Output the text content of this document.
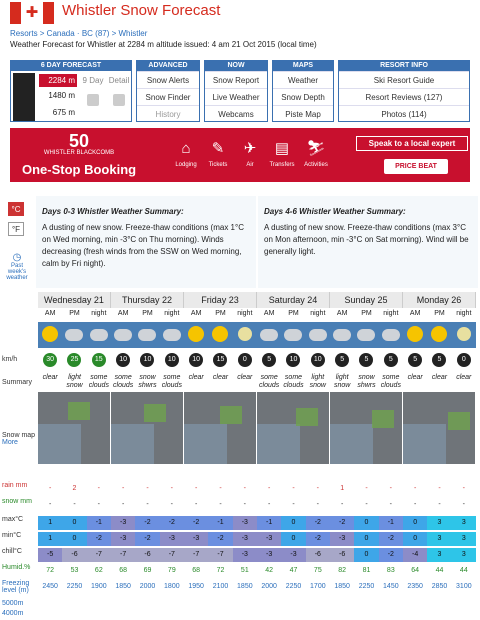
✚	Whistler Snow Forecast
Resorts > Canada · BC (87) > Whistler
Weather Forecast for Whistler at 2284 m altitude issued: 4 am 21 Oct 2015 (local time)
6 DAY FORECAST
2284 m
1480 m
675 m
9 Day Detail
ADVANCED
Snow Alerts
Snow Finder
History
NOW
Snow Report
Live Weather
Webcams
MAPS
Weather
Snow Depth
Piste Map
RESORT INFO
Ski Resort Guide
Resort Reviews (127)
Photos (114)
50
WHISTLER BLACKCOMB
One-Stop Booking
⌂
Lodging
✎
Tickets
✈
Air
▤
Transfers
⛷
Activities
Speak to a local expert
PRICE BEAT
°C
°F
◷
Past week's weather
Days 0-3 Whistler Weather Summary:
A dusting of new snow. Freeze-thaw conditions (max 1°C on Wed morning, min -3°C on Thu morning). Winds decreasing (fresh winds from the SSW on Wed morning, calm by Fri night).
Days 4-6 Whistler Weather Summary:
A dusting of new snow. Freeze-thaw conditions (max 3°C on Mon afternoon, min -3°C on Sat morning). Wind will be generally light.
km/h
Summary
Snow map
More
rain mm
snow mm
max°C
min°C
chill°C
Humid.%
Freezing level (m)
5000m
4000m
Wednesday 21
AM
30
clear
-
-
1
1
-5
72
2450
PM
25
light snow
2
-
0
0
-6
53
2250
night
15
some clouds
-
-
-1
-2
-7
62
1900
Thursday 22
AM
10
some clouds
-
-
-3
-3
-7
68
1850
PM
10
snow shwrs
-
-
-2
-2
-6
69
2000
night
10
some clouds
-
-
-2
-3
-7
79
1800
Friday 23
AM
10
clear
-
-
-2
-3
-7
68
1950
PM
15
clear
-
-
-1
-2
-7
72
2100
night
0
clear
-
-
-3
-3
-3
51
1850
Saturday 24
AM
5
some clouds
-
-
-1
-3
-3
42
2000
PM
10
some clouds
-
-
0
0
-3
47
2250
night
10
light snow
-
-
-2
-2
-6
75
1700
Sunday 25
AM
5
light snow
1
-
-2
-3
-6
82
1850
PM
5
snow shwrs
-
-
0
0
0
81
2250
night
5
some clouds
-
-
-1
-2
-2
83
1450
Monday 26
AM
5
clear
-
-
0
0
-4
64
2350
PM
5
clear
-
-
3
3
3
44
2850
night
0
clear
-
-
3
3
3
44
3100
